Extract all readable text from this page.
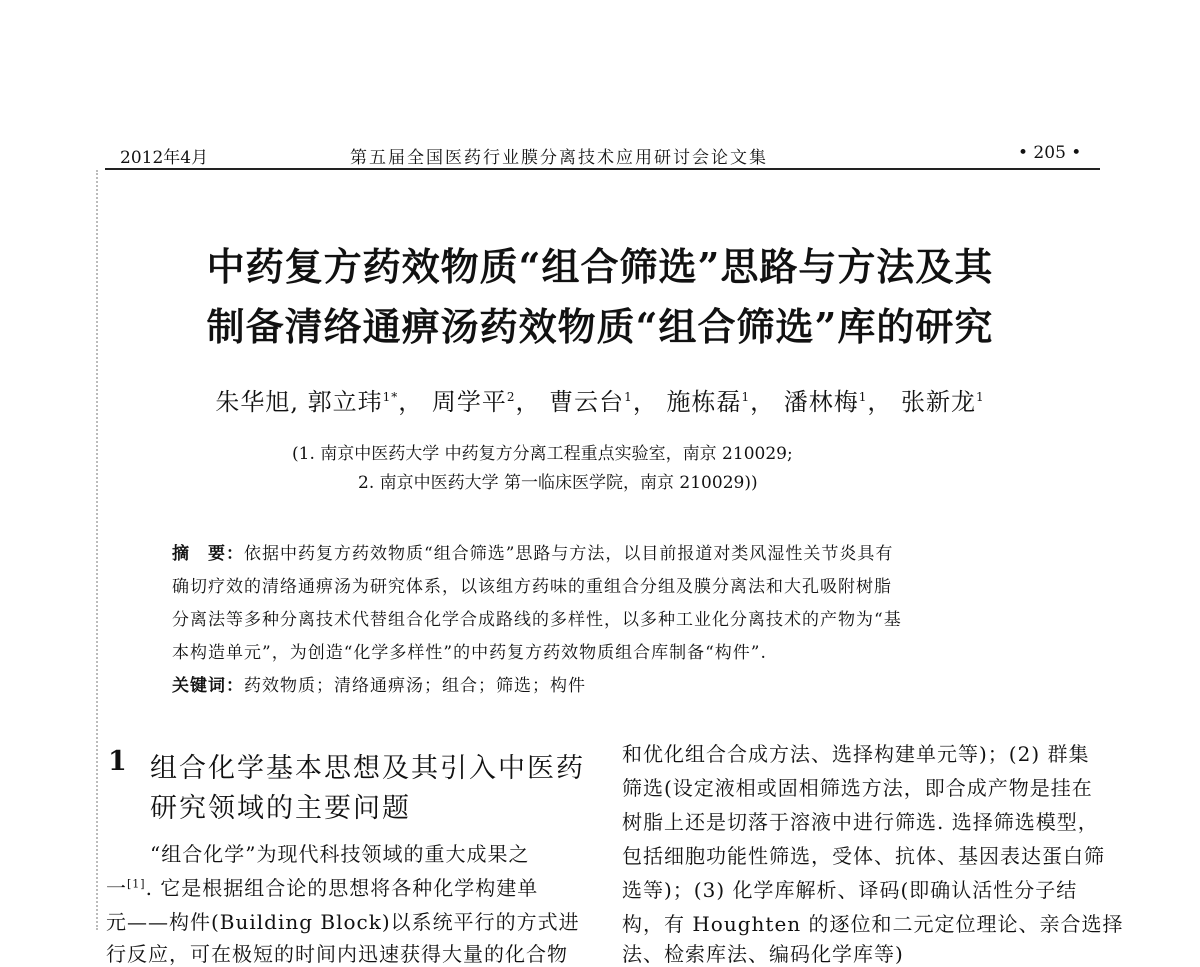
2012年4月	第五届全国医药行业膜分离技术应用研讨会论文集	• 205 •
中药复方药效物质“组合筛选”思路与方法及其
制备清络通痹汤药效物质“组合筛选”库的研究
朱华旭, 郭立玮$^{1*}$， 周学平$^2$， 曹云台$^1$， 施栋磊$^1$， 潘林梅$^1$， 张新龙$^1$
(1. 南京中医药大学 中药复方分离工程重点实验室，南京 210029;
2. 南京中医药大学 第一临床医学院，南京 210029))
摘　要：依据中药复方药效物质“组合筛选”思路与方法，以目前报道对类风湿性关节炎具有
确切疗效的清络通痹汤为研究体系，以该组方药味的重组合分组及膜分离法和大孔吸附树脂
分离法等多种分离技术代替组合化学合成路线的多样性，以多种工业化分离技术的产物为“基
本构造单元”，为创造“化学多样性”的中药复方药效物质组合库制备“构件”.
关键词：药效物质；清络通痹汤；组合；筛选；构件
1 组合化学基本思想及其引入中医药
研究领域的主要问题
“组合化学”为现代科技领域的重大成果之
一[1]. 它是根据组合论的思想将各种化学构建单
元——构件(Building Block)以系统平行的方式进
行反应，可在极短的时间内迅速获得大量的化合物
和优化组合合成方法、选择构建单元等)；(2) 群集
筛选(设定液相或固相筛选方法，即合成产物是挂在
树脂上还是切落于溶液中进行筛选. 选择筛选模型，
包括细胞功能性筛选，受体、抗体、基因表达蛋白筛
选等)；(3) 化学库解析、译码(即确认活性分子结
构，有 Houghten 的逐位和二元定位理论、亲合选择
法、检索库法、编码化学库等)
